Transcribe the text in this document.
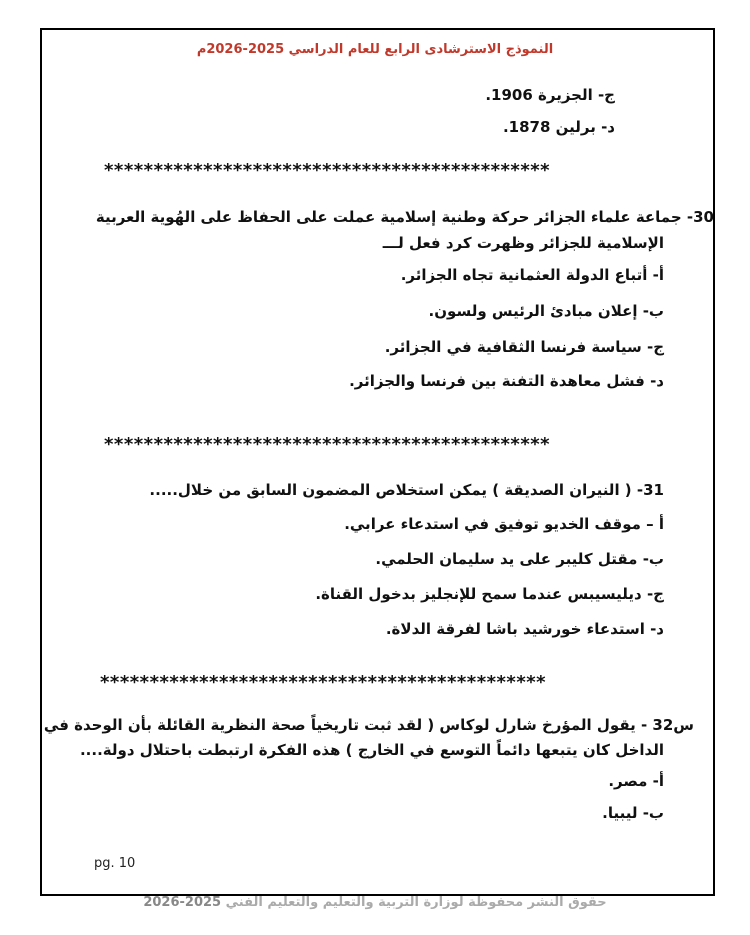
النموذج الاسترشادى الرابع للعام الدراسي 2025-2026م
ج- الجزيرة 1906.
د- برلين 1878.
*********************************************
30- جماعة علماء الجزائر حركة وطنية إسلامية عملت على الحفاظ على الهُوية العربية
الإسلامية للجزائر وظهرت كرد فعل لـــ
أ- أتباع الدولة العثمانية تجاه الجزائر.
ب- إعلان مبادئ الرئيس ولسون.
ج- سياسة فرنسا الثقافية في الجزائر.
د- فشل معاهدة التفنة بين فرنسا والجزائر.
*********************************************
31- ( النيران الصديقة ) يمكن استخلاص المضمون السابق من خلال.....
أ – موقف الخديو توفيق في استدعاء عرابي.
ب- مقتل كليبر على يد سليمان الحلمي.
ج- ديليسيبس عندما سمح للإنجليز بدخول القناة.
د- استدعاء خورشيد باشا لفرقة الدلاة.
*********************************************
س32 - يقول المؤرخ شارل لوكاس ( لقد ثبت تاريخياً صحة النظرية القائلة بأن الوحدة في
الداخل كان يتبعها دائماً التوسع في الخارج ) هذه الفكرة ارتبطت باحتلال دولة....
أ- مصر.
ب- ليبيا.
pg. 10
حقوق النشر محفوظة لوزارة التربية والتعليم والتعليم الفني 2025-2026
